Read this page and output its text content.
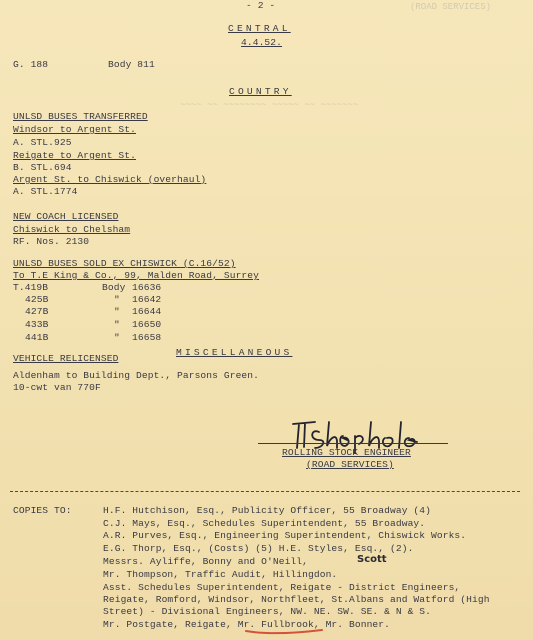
(ROAD SERVICES)
~~~~ ~~ ~~~~~~~~ ~~~~~ ~~ ~~~~~~~
- 2 -
CENTRAL
4.4.52.
G. 188	Body 811
COUNTRY
UNLSD BUSES TRANSFERRED
Windsor to Argent St.
A. STL.925
Reigate to Argent St.
B. STL.694
Argent St. to Chiswick (overhaul)
A. STL.1774
NEW COACH LICENSED
Chiswick to Chelsham
RF. Nos. 2130
UNLSD BUSES SOLD EX CHISWICK (C.16/52)
To T.E King & Co., 99, Malden Road, Surrey
T.419B	Body 16636
425B	" 16642
427B	" 16644
433B	" 16650
441B	" 16658
MISCELLANEOUS
VEHICLE RELICENSED
Aldenham to Building Dept., Parsons Green.
10-cwt van 770F
ROLLING STOCK ENGINEER
(ROAD SERVICES)
COPIES TO:	H.F. Hutchison, Esq., Publicity Officer, 55 Broadway (4)
C.J. Mays, Esq., Schedules Superintendent, 55 Broadway.
A.R. Purves, Esq., Engineering Superintendent, Chiswick Works.
E.G. Thorp, Esq., (Costs) (5) H.E. Styles, Esq., (2).
Messrs. Ayliffe, Bonny and O'Neill,	Scott
Mr. Thompson, Traffic Audit, Hillingdon.
Asst. Schedules Superintendent, Reigate - District Engineers,
Reigate, Romford, Windsor, Northfleet, St.Albans and Watford (High
Street) - Divisional Engineers, NW. NE. SW. SE. & N & S.
Mr. Postgate, Reigate, Mr. Fullbrook, Mr. Bonner.
